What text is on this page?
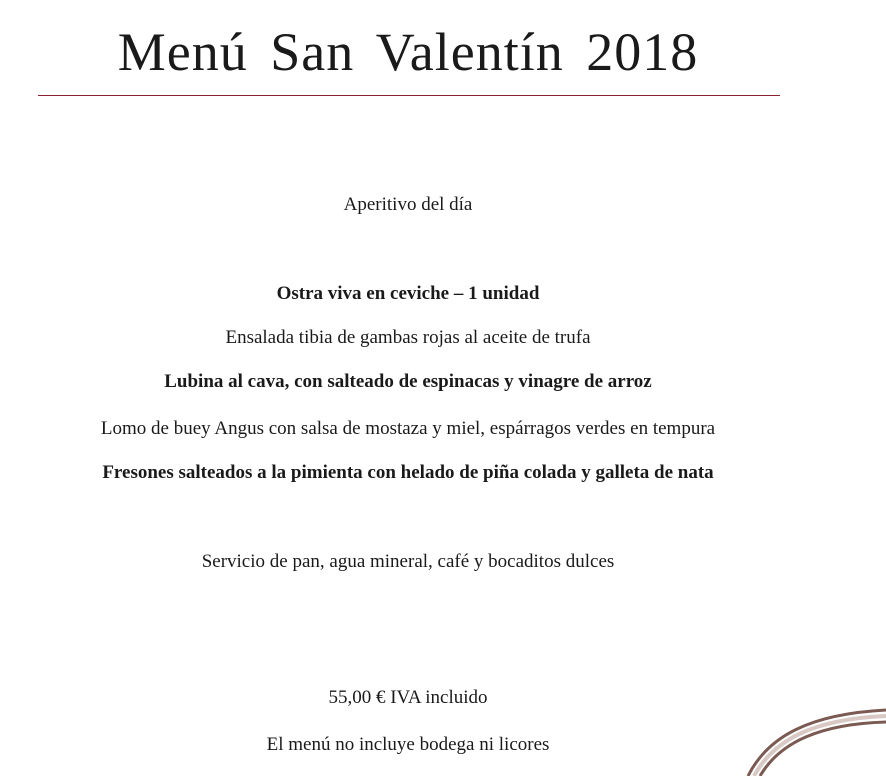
Menú San Valentín 2018
Aperitivo del día
Ostra viva en ceviche – 1 unidad
Ensalada tibia de gambas rojas al aceite de trufa
Lubina al cava, con salteado de espinacas y vinagre de arroz
Lomo de buey Angus con salsa de mostaza y miel, espárragos verdes en tempura
Fresones salteados a la pimienta con helado de piña colada y galleta de nata
Servicio de pan, agua mineral, café y bocaditos dulces
55,00 € IVA incluido
El menú no incluye bodega ni licores
